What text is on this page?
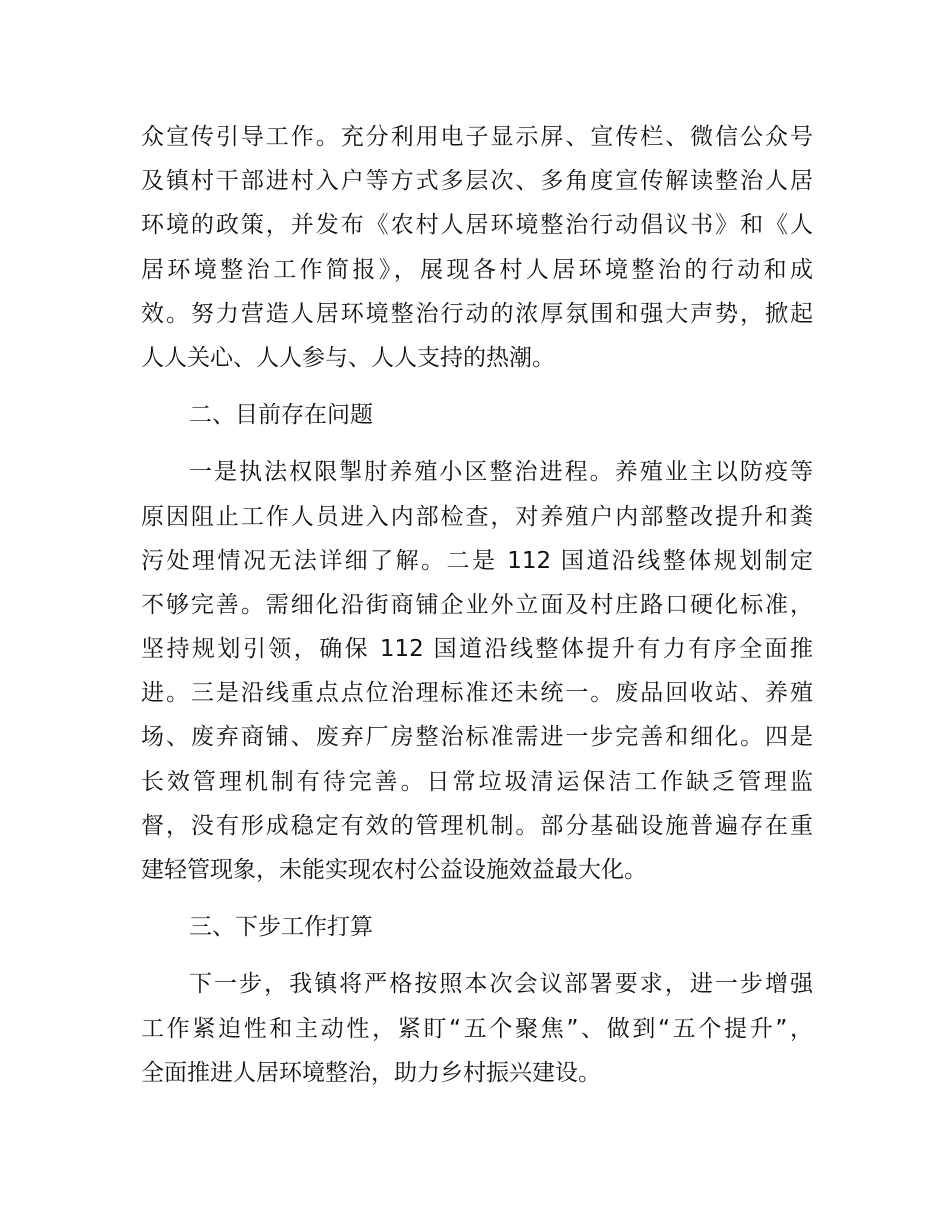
众宣传引导工作。充分利用电子显示屏、宣传栏、微信公众号
及镇村干部进村入户等方式多层次、多角度宣传解读整治人居
环境的政策，并发布《农村人居环境整治行动倡议书》和《人
居环境整治工作简报》，展现各村人居环境整治的行动和成
效。努力营造人居环境整治行动的浓厚氛围和强大声势，掀起
人人关心、人人参与、人人支持的热潮。
二、目前存在问题
一是执法权限掣肘养殖小区整治进程。养殖业主以防疫等
原因阻止工作人员进入内部检查，对养殖户内部整改提升和粪
污处理情况无法详细了解。二是 112 国道沿线整体规划制定
不够完善。需细化沿街商铺企业外立面及村庄路口硬化标准，
坚持规划引领，确保 112 国道沿线整体提升有力有序全面推
进。三是沿线重点点位治理标准还未统一。废品回收站、养殖
场、废弃商铺、废弃厂房整治标准需进一步完善和细化。四是
长效管理机制有待完善。日常垃圾清运保洁工作缺乏管理监
督，没有形成稳定有效的管理机制。部分基础设施普遍存在重
建轻管现象，未能实现农村公益设施效益最大化。
三、下步工作打算
下一步，我镇将严格按照本次会议部署要求，进一步增强
工作紧迫性和主动性，紧盯“五个聚焦”、做到“五个提升”，
全面推进人居环境整治，助力乡村振兴建设。
